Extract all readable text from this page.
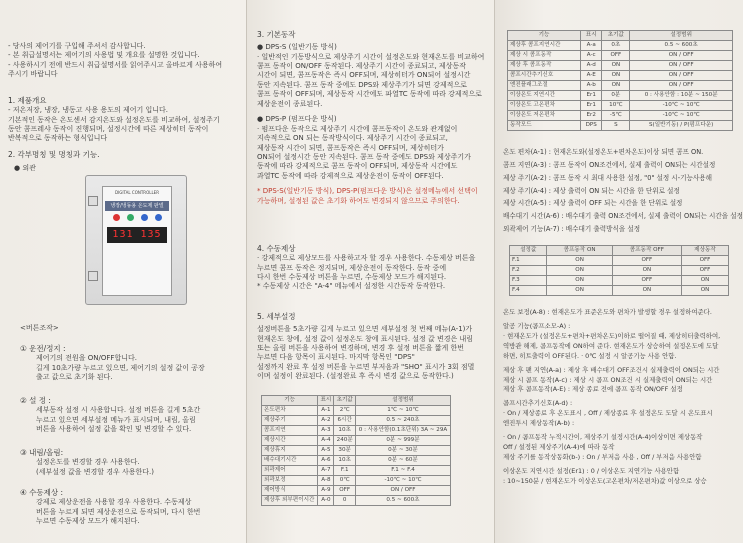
- 당사의 제어기를 구입해 주셔서 감사합니다.
- 본 취급설명서는 제어기의 사용법 및 개요를 설명한 것입니다.
- 사용하시기 전에 반드시 취급설명서를 읽어주시고 올바르게 사용하여
주시기 바랍니다
1. 제품개요
- 저온저장, 냉장, 냉동고 사용 용도의 제어기 입니다.
기본적인 동작은 온도센서 감지온도와 설정온도를 비교하여, 설정주기
동안 콤프레샤 동작이 진행되며, 설정시간에 따른 제상히터 동작이
반복적으로 동작하는 형식입니다
2. 각부명칭 및 명칭과 기능.
● 외관
DIGITAL CONTROLLER
냉장/냉동용 온도제 판넬
131 135
<버튼조작>
① 운전/정지 :
제어기의 전원을 ON/OFF합니다.
길게 10초가량 누르고 있으면, 제어기의 설정 값이 공장
출고 값으로 초기화 된다.
② 설 정 :
세부동작 설정 시 사용합니다. 설정 버튼을 길게 5초간
누르고 있으면 세부설정 메뉴가 표시되며, 내림, 올림
버튼을 사용하여 설정 값을 확인 및 변경할 수 있다.
③ 내림/올림:
설정온도를 변경할 경우 사용한다.
(세부설정 값을 변경할 경우 사용한다.)
④ 수동제상 :
강제로 제상운전을 사용할 경우 사용한다. 수동제상
버튼을 누르게 되면 제상운전으로 동작되며, 다시 한번
누르면 수동제상 모드가 해지된다.
3. 기본동작
● DPS-S (일반기동 방식)
· 일반적인 기동방식으로 제상주기 시간이 설정온도와 현재온도를 비교하여
콤프 동작이 ON/OFF 동작된다. 제상주기 시간이 종료되고, 제상동작
시간이 되면, 콤프동작은 즉시 OFF되며, 제상히터가 ON되어 설정시간
동안 지속된다. 콤프 동작 중에도 DPS와 제상주기가 되면 강제적으로
콤프 동작이 OFF되며, 제상동작 시간에도 파열TC 동작에 따라 강제적으로
제상운전이 종료된다.
● DPS-P (펌프다운 방식)
· 펌프다운 동작으로 제상주기 시간에 콤프동작이 온도와 관계없이
지속적으로 ON 되는 동작방식이다. 제상주기 시간이 종료되고,
제상동작 시간이 되면, 콤프동작은 즉시 OFF되며, 제상히터가
ON되어 설정시간 동안 지속된다. 콤프 동작 중에도 DPS와 제상주기가
동작에 따라 강제적으로 콤프 동작이 OFF되며, 제상동작 시간에도
과열TC 동작에 따라 강제적으로 제상운전이 동작이 OFF된다.
* DPS-S(일반기동 방식), DPS-P(펌프다운 방식)은 설정메뉴에서 선택이
가능하며, 설정된 값은 초기화 하여도 변경되지 않으므로 주의한다.
4. 수동제상
· 강제적으로 제상모드를 사용하고자 할 경우 사용한다. 수동제상 버튼을
누르면 콤프 동작은 정지되며, 제상운전이 동작한다. 동작 중에
다시 한번 수동제상 버튼을 누르면, 수동제상 모드가 해지된다.
* 수동제상 시간은 "A-4" 메뉴에서 설정한 시간동작 동작한다.
5. 세부설정
설정버튼을 5초가량 길게 누르고 있으면 세부설정 첫 번째 메뉴(A-1)가
현재온도 창에, 설정 값이 설정온도 창에 표시된다. 설정 값 변경은 내림
또는 올림 버튼을 사용하여 변경하며, 변경 후 설정 버튼을 짧게 한번
누르면 다음 항목이 표시된다. 마지막 항목인 "DPS"
설정까지 완료 후 설정 버튼을 누르면 부저음과 "SHO" 표시가 3회 점멸
이며 설정이 완료된다. (설정완료 후 즉시 변경 값으로 동작한다.)
기능	표시	초기값	설정범위
온도편차	A-1	2℃	1℃ ~ 10℃
제상주기	A-2	6시간	0.5 ~ 240초
콤프지연	A-3	10초	0 : 사용안함(0.1초단위) 3A ~ 29A
제상시간	A-4	240분	0분 ~ 999분
제상휴지	A-5	30분	0분 ~ 30분
배수대기시간	A-6	10초	0분 ~ 60분
외곽제어	A-7	F.1	F.1 ~ F.4
외곽보정	A-8	0℃	-10℃ ~ 10℃
제어방식	A-9	OFF	ON / OFF
제상후 외부편이시간	A-0	0	0.5 ~ 600초
기능	표시	초기값	설정범위
제상후 콤프지연시간	A-a	0초	0.5 ~ 600초
제상 시 콤프동작	A-c	OFF	ON / OFF
제상 후 콤프동작	A-d	ON	ON / OFF
콤프시간추기신호	A-E	ON	ON / OFF
엔진플래그조절	A-b	ON	ON / OFF
이상온도 지연시간	Er1	0분	0 : 사용안함 : 10분 ~ 150분
이상온도 고온편차	Er1	10℃	-10℃ ~ 10℃
이상온도 저온편차	Er2	-5℃	-10℃ ~ 10℃
동작모드	DPS	S	S(일반기동) / P(펌프다운)
온도 편차(A-1) : 현재온도와(설정온도+편차온도)이상 되면 콤프 ON.
콤프 지연(A-3) : 콤프 동작이 ON조건에서, 실제 출력이 ON되는 시간설정
제상 주기(A-2) : 콤프 동작 시 최대 사용한 설정, "0" 설정 시-기능사용해
제상 주기(A-4) : 제상 출력이 ON 되는 시간을 한 단위로 설정
제상 시간(A-5) : 제상 출력이 OFF 되는 시간을 한 단위로 설정
배수대기 시간(A-6) : 배수대기 출력 ON조건에서, 실제 출력이 ON되는 시간을 설정
외곽제어 기능(A-7) : 배수대기 출력방식을 설정
설정값	콤프동작 ON	콤프동작 OFF	제상동작
F.1	ON	OFF	OFF
F.2	ON	ON	OFF
F.3	ON	OFF	ON
F.4	ON	ON	ON
온도 보정(A-8) : 현재온도가 표준온도와 편차가 발생할 경우 설정하여준다.
알공 기능(콤프소모-A) :
· 현재온도가 (설정온도+편차+편차온도)이하로 떨어질 때, 제상히터출력하여,
역방관 해제, 콤프동작에 ON하여 준다. 현재온도가 상승하여 설정온도에 도달
하면, 히트출력이 OFF된다. · 0℃ 설정 시 알공기능 사용 안함.
제상 후 팬 지연(A-a) : 제상 후 배수대기 OFF조건시 실제출력이 ON되는 시간
제상 시 콤프 동작(A-c) : 제상 시 콤프 ON조건 시 실제출력이 ON되는 시간
제상 후 콤프동작(A-E) : 제상 종료 전에 콤프 동작 ON/OFF 설정
콤프시간추기신호(A-d) :
· On / 제상종료 후 온도표시 , Off / 제상종료 후 설정온도 도달 시 온도표시
엔진투시 제상동작(A-b) :
· On / 콤프동작 누적시간이, 제상주기 설정시간(A-4)이상이면 제상동작
Off / 설정된 제상주기(A-4)에 따라 동작
제상 주기를 동작상동화(b-) : On / 부저음 사용 , Off / 부저음 사용안함
이상온도 지연시간 설정(Er1) : 0 / 이상온도 지연기능 사용안함
: 10~150분 / 현재온도가 이상온도(고온편차/저온편차)값 이상으로 상승
